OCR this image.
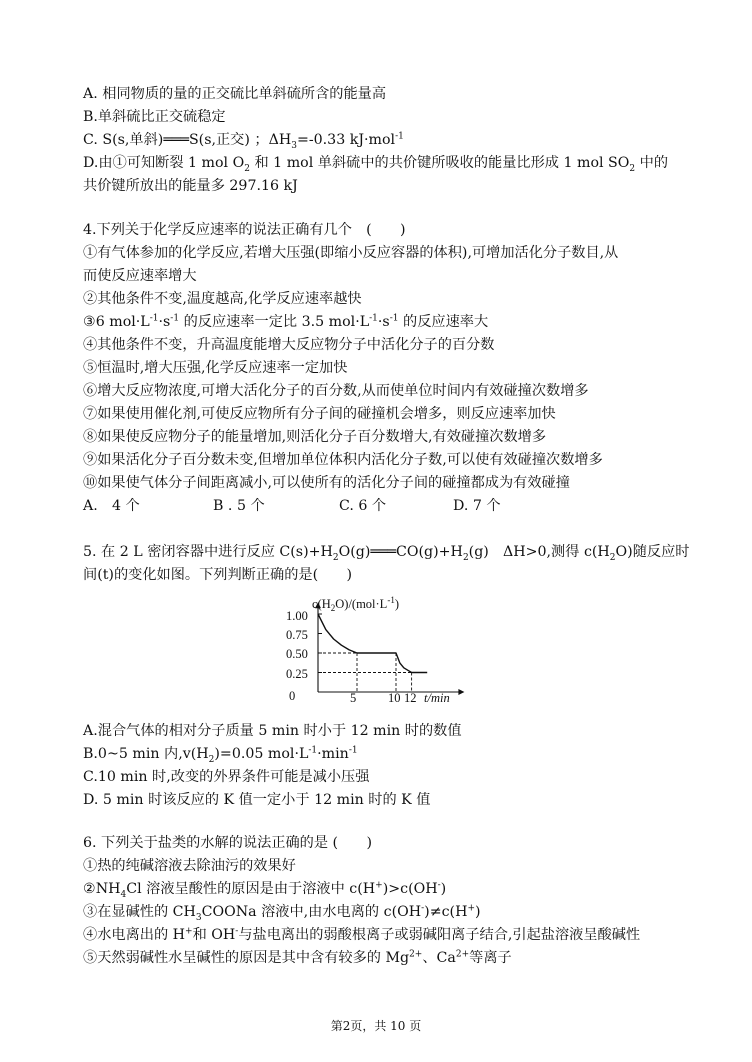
A. 相同物质的量的正交硫比单斜硫所含的能量高
B.单斜硫比正交硫稳定
C. S(s,单斜)═══S(s,正交) ；$\Delta H_3=-0.33$ kJ·mol$^{-1}$
D.由①可知断裂 1 mol $O_2$ 和 1 mol 单斜硫中的共价键所吸收的能量比形成 1 mol $SO_2$ 中的
共价键所放出的能量多 297.16 kJ
4.下列关于化学反应速率的说法正确有几个　(　　)
①有气体参加的化学反应,若增大压强(即缩小反应容器的体积),可增加活化分子数目,从
而使反应速率增大
②其他条件不变,温度越高,化学反应速率越快
③6 $mol\cdot L^{-1}\cdot s^{-1}$ 的反应速率一定比 3.5 $mol\cdot L^{-1}\cdot s^{-1}$ 的反应速率大
④其他条件不变，升高温度能增大反应物分子中活化分子的百分数
⑤恒温时,增大压强,化学反应速率一定加快
⑥增大反应物浓度,可增大活化分子的百分数,从而使单位时间内有效碰撞次数增多
⑦如果使用催化剂,可使反应物所有分子间的碰撞机会增多，则反应速率加快
⑧如果使反应物分子的能量增加,则活化分子百分数增大,有效碰撞次数增多
⑨如果活化分子百分数未变,但增加单位体积内活化分子数,可以使有效碰撞次数增多
⑩如果使气体分子间距离减小,可以使所有的活化分子间的碰撞都成为有效碰撞
A.　4 个	B . 5 个	C. 6 个	D. 7 个
5. 在 2 L 密闭容器中进行反应 $C(s)+H_2O(g)═══CO(g)+H_2(g)$　ΔH>0,测得 $c(H_2O)$随反应时
间(t)的变化如图。下列判断正确的是(　　)
$c(H_2O)/(mol\cdot L^{-1})$
1.00
0.75
0.50
0.25
0	5	10 12 t/min
A.混合气体的相对分子质量 5 min 时小于 12 min 时的数值
B.0~5 min 内$,v(H_2)=0.05$ $mol\cdot L^{-1}\cdot\min^{-1}$
C.10 min 时,改变的外界条件可能是减小压强
D. 5 min 时该反应的 K 值一定小于 12 min 时的 K 值
6. 下列关于盐类的水解的说法正确的是 (　　)
①热的纯碱溶液去除油污的效果好
$②NH_4Cl$ 溶液呈酸性的原因是由于溶液中 c(H+)>c(OH-)
③在显碱性的 $CH_3COONa$ 溶液中,由水电离的 c(OH-)≠c(H+)
④水电离出的 H+和 OH-与盐电离出的弱酸根离子或弱碱阳离子结合,引起盐溶液呈酸碱性
⑤天然弱碱性水呈碱性的原因是其中含有较多的 $Mg^{2+}$、$Ca^{2+}$等离子
第2页，共 10 页
